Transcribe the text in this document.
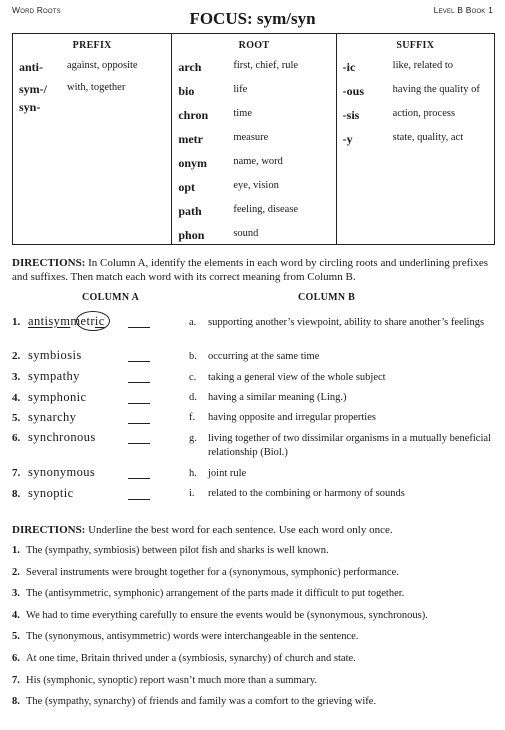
Word Roots	FOCUS: sym/syn	Level B Book 1
PREFIX
anti- against, opposite
sym-/ with, together
syn-
ROOT
arch	first, chief, rule
bio	life
chron time
metr	measure
onym	name, word
opt	eye, vision
path	feeling, disease
phon	sound
SUFFIX
-ic	like, related to
-ous	having the quality of
-sis	action, process
-y	state, quality, act
DIRECTIONS: In Column A, identify the elements in each word by circling roots and underlining prefixes and suffixes. Then match each word with its correct meaning from Column B.
COLUMN A	COLUMN B
1. antisymmetric
2. symbiosis
3. sympathy
4. symphonic
5. synarchy
6. synchronous
7. synonymous
8. synoptic
a. supporting another’s viewpoint, ability to share another’s feelings
b. occurring at the same time
c. taking a general view of the whole subject
d. having a similar meaning (Ling.)
f. having opposite and irregular properties
g. living together of two dissimilar organisms in a mutually beneficial relationship (Biol.)
h. joint rule
i. related to the combining or harmony of sounds
DIRECTIONS: Underline the best word for each sentence. Use each word only once.
1. The (sympathy, symbiosis) between pilot fish and sharks is well known.
2. Several instruments were brought together for a (synonymous, symphonic) performance.
3. The (antisymmetric, symphonic) arrangement of the parts made it difficult to put together.
4. We had to time everything carefully to ensure the events would be (synonymous, synchronous).
5. The (synonymous, antisymmetric) words were interchangeable in the sentence.
6. At one time, Britain thrived under a (symbiosis, synarchy) of church and state.
7. His (symphonic, synoptic) report wasn’t much more than a summary.
8. The (sympathy, synarchy) of friends and family was a comfort to the grieving wife.
